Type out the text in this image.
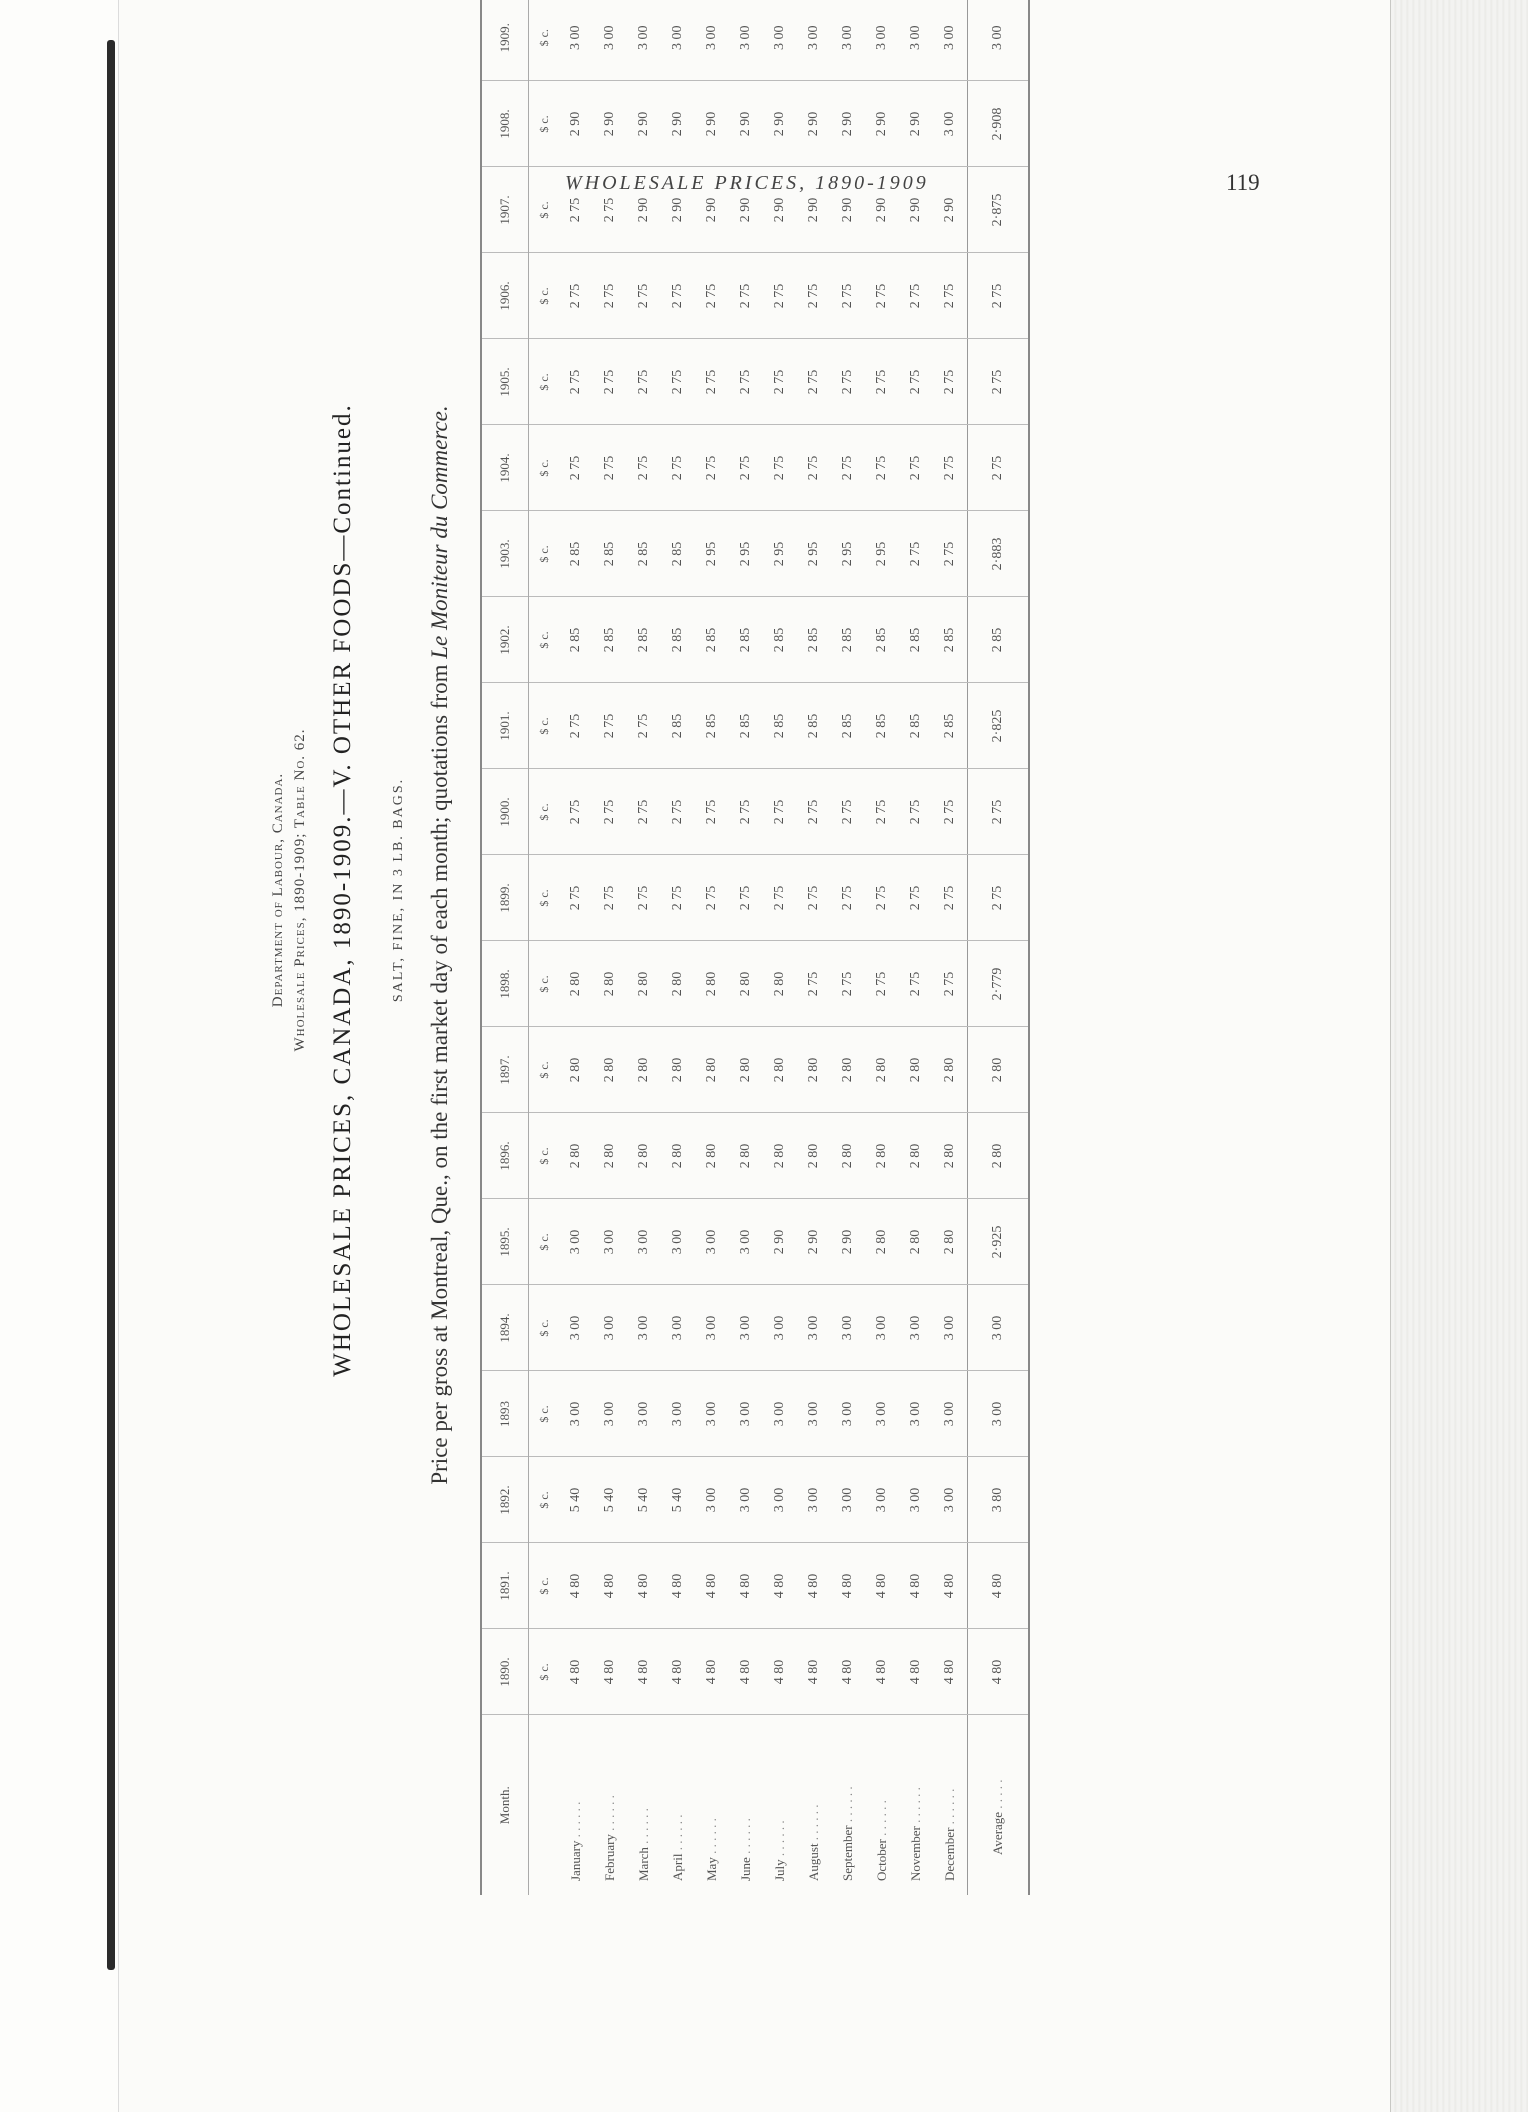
WHOLESALE PRICES, 1890-1909	119
Department of Labour, Canada. Wholesale Prices, 1890-1909; Table No. 62. WHOLESALE PRICES, CANADA, 1890-1909.—V. OTHER FOODS—Continued.	SALT, FINE, IN 3 LB. BAGS. Price per gross at Montreal, Que., on the first market day of each month; quotations from Le Moniteur du Commerce.
Month.	1890.	1891.	1892.	1893	1894.	1895.	1896.	1897.	1898.	1899.	1900.	1901.	1902.	1903.	1904.	1905.	1906.	1907.	1908.	1909.
	$ c.	$ c.	$ c.	$ c.	$ c.	$ c.	$ c.	$ c.	$ c.	$ c.	$ c.	$ c.	$ c.	$ c.	$ c.	$ c.	$ c.	$ c.	$ c.	$ c.
January . . . . . .	4 80	4 80	5 40	3 00	3 00	3 00	2 80	2 80	2 80	2 75	2 75	2 75	2 85	2 85	2 75	2 75	2 75	2 75	2 90	3 00
February . . . . . .	4 80	4 80	5 40	3 00	3 00	3 00	2 80	2 80	2 80	2 75	2 75	2 75	2 85	2 85	2 75	2 75	2 75	2 75	2 90	3 00
March . . . . . .	4 80	4 80	5 40	3 00	3 00	3 00	2 80	2 80	2 80	2 75	2 75	2 75	2 85	2 85	2 75	2 75	2 75	2 90	2 90	3 00
April . . . . . .	4 80	4 80	5 40	3 00	3 00	3 00	2 80	2 80	2 80	2 75	2 75	2 85	2 85	2 85	2 75	2 75	2 75	2 90	2 90	3 00
May . . . . . .	4 80	4 80	3 00	3 00	3 00	3 00	2 80	2 80	2 80	2 75	2 75	2 85	2 85	2 95	2 75	2 75	2 75	2 90	2 90	3 00
June . . . . . .	4 80	4 80	3 00	3 00	3 00	3 00	2 80	2 80	2 80	2 75	2 75	2 85	2 85	2 95	2 75	2 75	2 75	2 90	2 90	3 00
July . . . . . .	4 80	4 80	3 00	3 00	3 00	2 90	2 80	2 80	2 80	2 75	2 75	2 85	2 85	2 95	2 75	2 75	2 75	2 90	2 90	3 00
August . . . . . .	4 80	4 80	3 00	3 00	3 00	2 90	2 80	2 80	2 75	2 75	2 75	2 85	2 85	2 95	2 75	2 75	2 75	2 90	2 90	3 00
September . . . . . .	4 80	4 80	3 00	3 00	3 00	2 90	2 80	2 80	2 75	2 75	2 75	2 85	2 85	2 95	2 75	2 75	2 75	2 90	2 90	3 00
October . . . . . .	4 80	4 80	3 00	3 00	3 00	2 80	2 80	2 80	2 75	2 75	2 75	2 85	2 85	2 95	2 75	2 75	2 75	2 90	2 90	3 00
November . . . . . .	4 80	4 80	3 00	3 00	3 00	2 80	2 80	2 80	2 75	2 75	2 75	2 85	2 85	2 75	2 75	2 75	2 75	2 90	2 90	3 00
December . . . . . .	4 80	4 80	3 00	3 00	3 00	2 80	2 80	2 80	2 75	2 75	2 75	2 85	2 85	2 75	2 75	2 75	2 75	2 90	3 00	3 00
Average . . . . .	4 80	4 80	3 80	3 00	3 00	2·925	2 80	2 80	2·779	2 75	2 75	2·825	2 85	2·883	2 75	2 75	2 75	2·875	2·908	3 00
